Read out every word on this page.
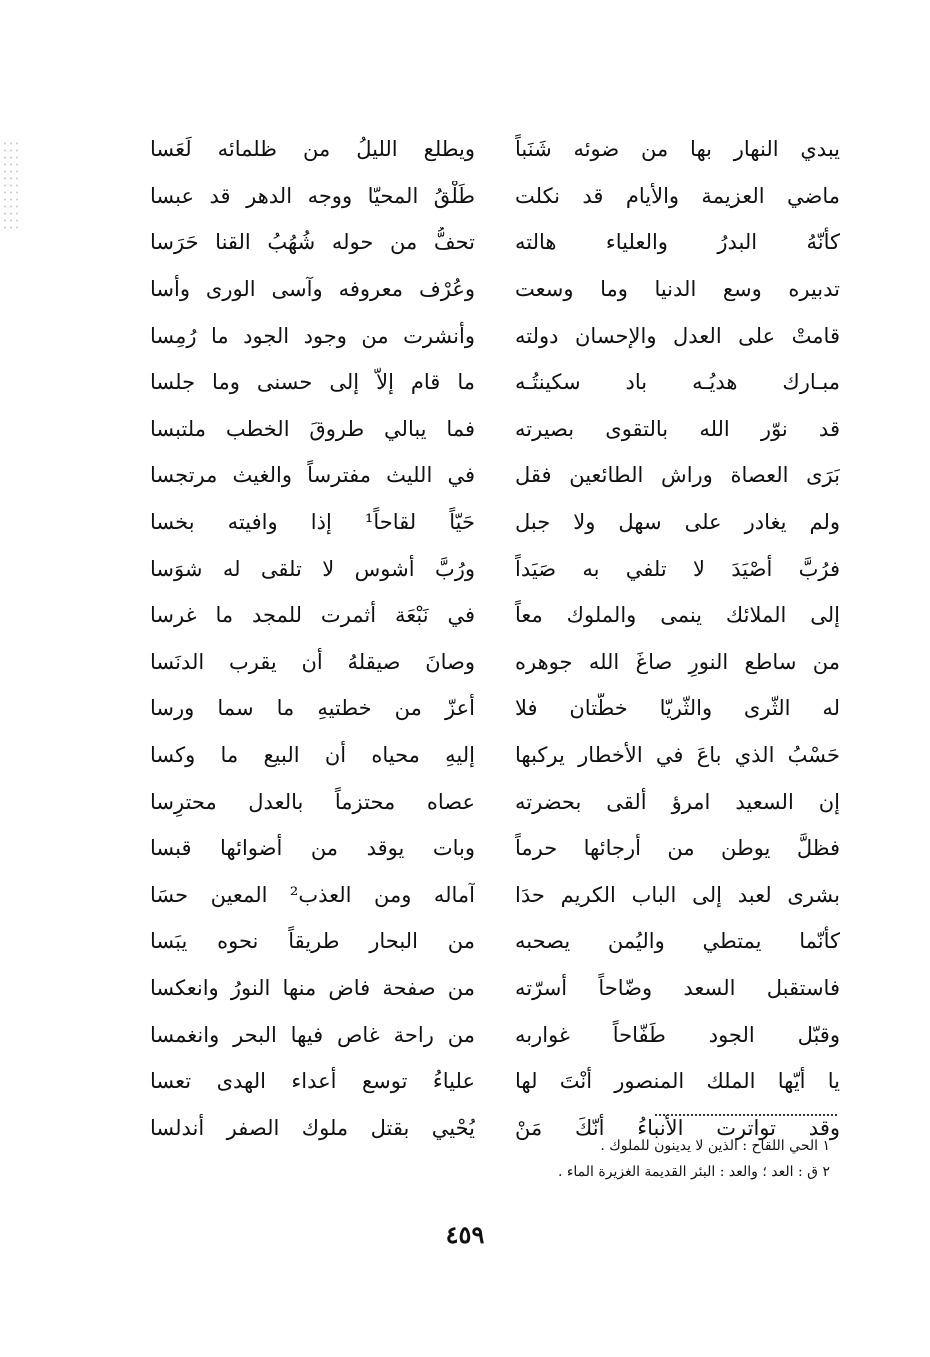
يبدي النهار بها من ضوئه شَنَباً
ويطلع الليلُ من ظلمائه لَعَسا
ماضي العزيمة والأيام قد نكلت
طَلْقُ المحيّا ووجه الدهر قد عبسا
كأنّهُ البدرُ والعلياء هالته
تحفُّ من حوله شُهُبُ القنا حَرَسا
تدبيره وسع الدنيا وما وسعت
وعُرْف معروفه وآسى الورى وأسا
قامتْ على العدل والإحسان دولته
وأنشرت من وجود الجود ما رُمِسا
مبـارك هديُـه باد سكينتُـه
ما قام إلاّ إلى حسنى وما جلسا
قد نوّر الله بالتقوى بصيرته
فما يبالي طروقَ الخطب ملتبسا
بَرَى العصاة وراش الطائعين فقل
في الليث مفترساً والغيث مرتجسا
ولم يغادر على سهل ولا جبل
حَيّاً لقاحاً¹ إذا وافيته بخسا
فرُبَّ أصْيَدَ لا تلفي به صَيَداً
ورُبَّ أشوس لا تلقى له شوَسا
إلى الملائك ينمى والملوك معاً
في نَبْعَة أثمرت للمجد ما غرسا
من ساطع النورِ صاغَ الله جوهره
وصانَ صيقلهُ أن يقرب الدنَسا
له الثّرى والثّريّا خطّتان فلا
أعزّ من خطتيهِ ما سما ورسا
حَسْبُ الذي باعَ في الأخطار يركبها
إليهِ محياه أن البيع ما وكسا
إن السعيد امرؤ ألقى بحضرته
عصاه محتزماً بالعدل محترِسا
فظلَّ يوطن من أرجائها حرماً
وبات يوقد من أضوائها قبسا
بشرى لعبد إلى الباب الكريم حدَا
آماله ومن العذب² المعين حسَا
كأنّما يمتطي واليُمن يصحبه
من البحار طريقاً نحوه يبَسا
فاستقبل السعد وضّاحاً أسرّته
من صفحة فاض منها النورُ وانعكسا
وقبّل الجود طَفّاحاً غواربه
من راحة غاص فيها البحر وانغمسا
يا أيّها الملك المنصور أنْتَ لها
علياءُ توسع أعداء الهدى تعسا
وقد تواترت الأنباءُ أنّكَ مَنْ
يُحْيي بقتل ملوك الصفر أندلسا
١ الحي اللقاح : الذين لا يدينون للملوك .
٢ ق : العد ؛ والعد : البئر القديمة الغزيرة الماء .
٤٥٩
